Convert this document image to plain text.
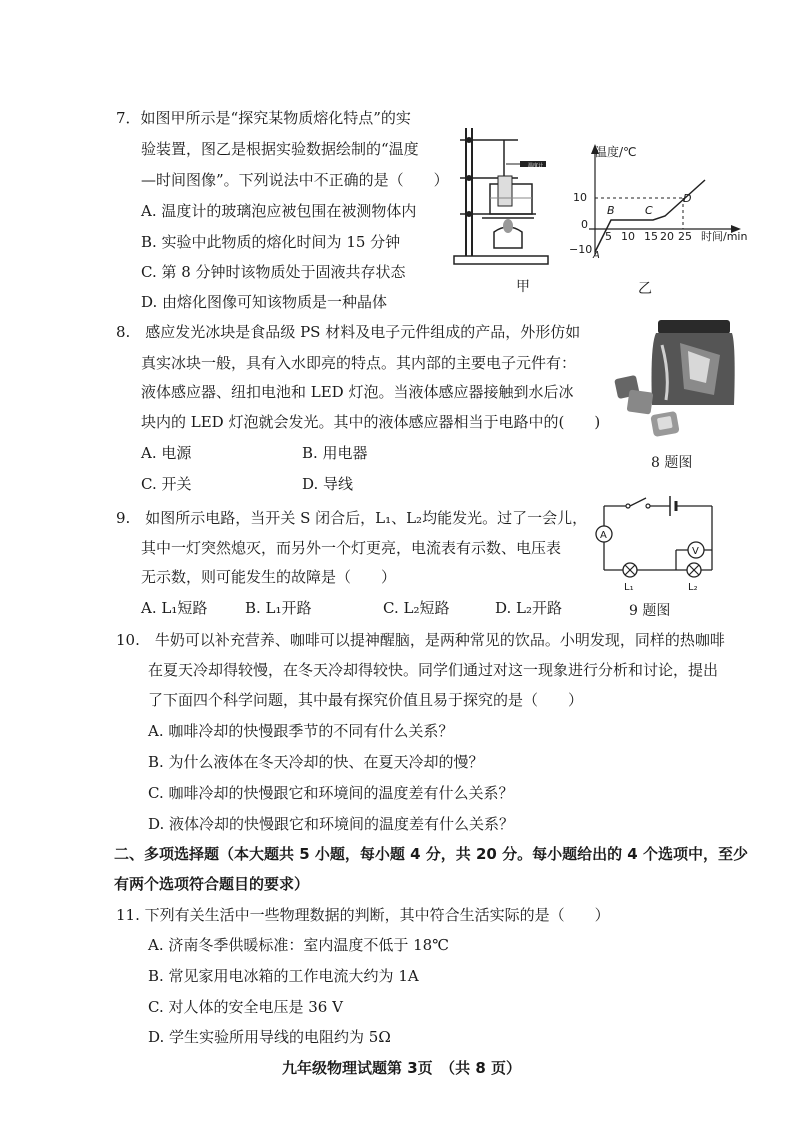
7．如图甲所示是“探究某物质熔化特点”的实
验装置，图乙是根据实验数据绘制的“温度
—时间图像”。下列说法中不正确的是（　　）
A. 温度计的玻璃泡应被包围在被测物体内
B. 实验中此物质的熔化时间为 15 分钟
C. 第 8 分钟时该物质处于固液共存状态
D. 由熔化图像可知该物质是一种晶体
温度计
甲
温度/℃
时间/min
10
0
−10
5 10 15 20 25
A
B	C
D
乙
8.　感应发光冰块是食品级 PS 材料及电子元件组成的产品，外形仿如
真实冰块一般，具有入水即亮的特点。其内部的主要电子元件有：
液体感应器、纽扣电池和 LED 灯泡。当液体感应器接触到水后冰
块内的 LED 灯泡就会发光。其中的液体感应器相当于电路中的(　　)
A. 电源	B. 用电器
C. 开关	D. 导线
8 题图
9.　如图所示电路，当开关 S 闭合后，L₁、L₂均能发光。过了一会儿，
其中一灯突然熄灭，而另外一个灯更亮，电流表有示数、电压表
无示数，则可能发生的故障是（　　）
A. L₁短路	B. L₁开路	C. L₂短路	D. L₂开路
A
V
L₁	L₂
9 题图
10.　牛奶可以补充营养、咖啡可以提神醒脑，是两种常见的饮品。小明发现，同样的热咖啡
在夏天冷却得较慢，在冬天冷却得较快。同学们通过对这一现象进行分析和讨论，提出
了下面四个科学问题，其中最有探究价值且易于探究的是（　　）
A. 咖啡冷却的快慢跟季节的不同有什么关系？
B. 为什么液体在冬天冷却的快、在夏天冷却的慢？
C. 咖啡冷却的快慢跟它和环境间的温度差有什么关系？
D. 液体冷却的快慢跟它和环境间的温度差有什么关系？
二、多项选择题（本大题共 5 小题，每小题 4 分，共 20 分。每小题给出的 4 个选项中，至少
有两个选项符合题目的要求）
11. 下列有关生活中一些物理数据的判断，其中符合生活实际的是（　　）
A. 济南冬季供暖标准：室内温度不低于 18℃
B. 常见家用电冰箱的工作电流大约为 1A
C. 对人体的安全电压是 36 V
D. 学生实验所用导线的电阻约为 5Ω
九年级物理试题第 3页　（共 8 页）
